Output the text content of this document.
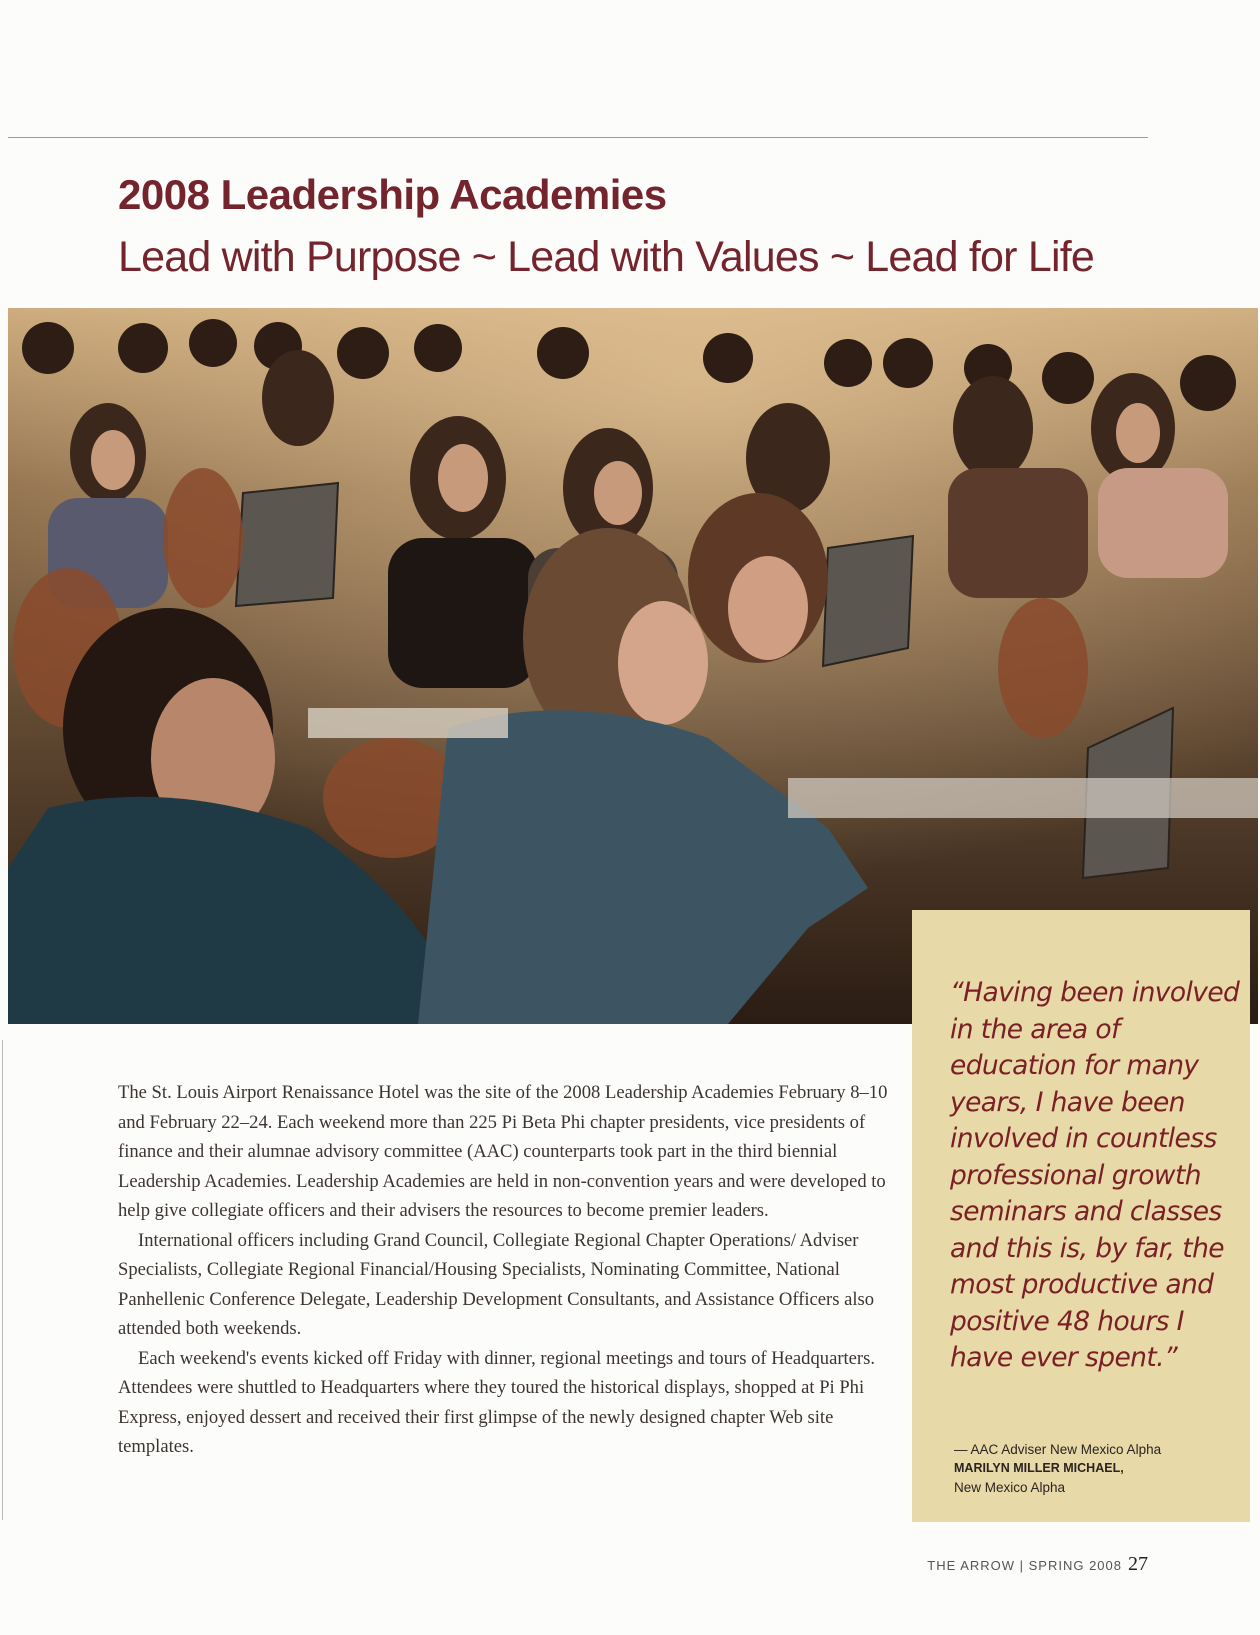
2008 Leadership Academies
Lead with Purpose ~ Lead with Values ~ Lead for Life

The St. Louis Airport Renaissance Hotel was the site of the 2008 Leadership Academies February 8–10 and February 22–24. Each weekend more than 225 Pi Beta Phi chapter presidents, vice presidents of finance and their alumnae advisory committee (AAC) counterparts took part in the third biennial Leadership Academies. Leadership Academies are held in non-convention years and were developed to help give collegiate officers and their advisers the resources to become premier leaders.

International officers including Grand Council, Collegiate Regional Chapter Operations/ Adviser Specialists, Collegiate Regional Financial/Housing Specialists, Nominating Committee, National Panhellenic Conference Delegate, Leadership Development Consultants, and Assistance Officers also attended both weekends.

Each weekend's events kicked off Friday with dinner, regional meetings and tours of Headquarters. Attendees were shuttled to Headquarters where they toured the historical displays, shopped at Pi Phi Express, enjoyed dessert and received their first glimpse of the newly designed chapter Web site templates.

“Having been involved in the area of education for many years, I have been involved in countless professional growth seminars and classes and this is, by far, the most productive and positive 48 hours I have ever spent.”
— AAC Adviser New Mexico Alpha
MARILYN MILLER MICHAEL,
New Mexico Alpha
THE ARROW | SPRING 2008 27
